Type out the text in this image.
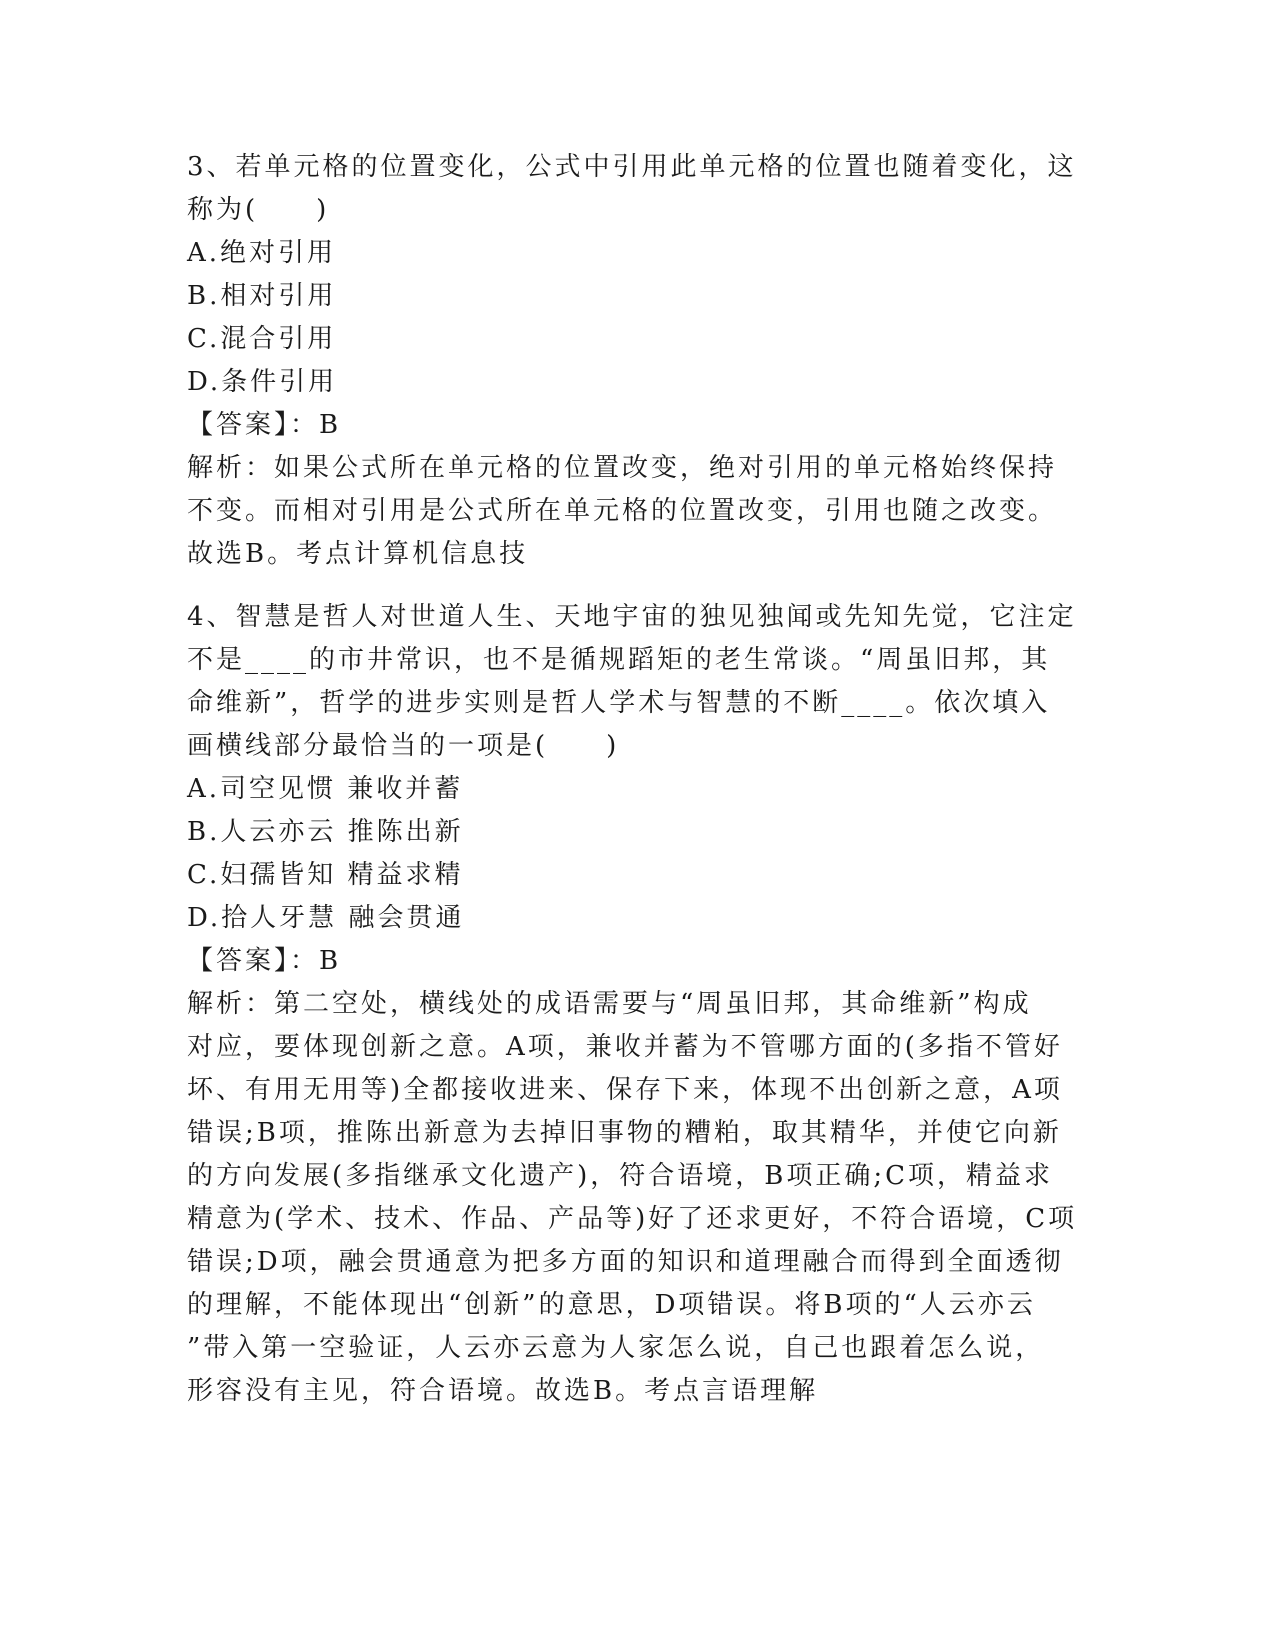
3、若单元格的位置变化，公式中引用此单元格的位置也随着变化，这

称为(　　)

A.绝对引用

B.相对引用

C.混合引用

D.条件引用

【答案】：B

解析：如果公式所在单元格的位置改变，绝对引用的单元格始终保持

不变。而相对引用是公式所在单元格的位置改变，引用也随之改变。

故选B。考点计算机信息技

4、智慧是哲人对世道人生、天地宇宙的独见独闻或先知先觉，它注定

不是____的市井常识，也不是循规蹈矩的老生常谈。“周虽旧邦，其

命维新”，哲学的进步实则是哲人学术与智慧的不断____。依次填入

画横线部分最恰当的一项是(　　)

A.司空见惯 兼收并蓄

B.人云亦云 推陈出新

C.妇孺皆知 精益求精

D.拾人牙慧 融会贯通

【答案】：B

解析：第二空处，横线处的成语需要与“周虽旧邦，其命维新”构成

对应，要体现创新之意。A项，兼收并蓄为不管哪方面的(多指不管好

坏、有用无用等)全都接收进来、保存下来，体现不出创新之意，A项

错误;B项，推陈出新意为去掉旧事物的糟粕，取其精华，并使它向新

的方向发展(多指继承文化遗产)，符合语境，B项正确;C项，精益求

精意为(学术、技术、作品、产品等)好了还求更好，不符合语境，C项

错误;D项，融会贯通意为把多方面的知识和道理融合而得到全面透彻

的理解，不能体现出“创新”的意思，D项错误。将B项的“人云亦云

”带入第一空验证，人云亦云意为人家怎么说，自己也跟着怎么说，

形容没有主见，符合语境。故选B。考点言语理解
